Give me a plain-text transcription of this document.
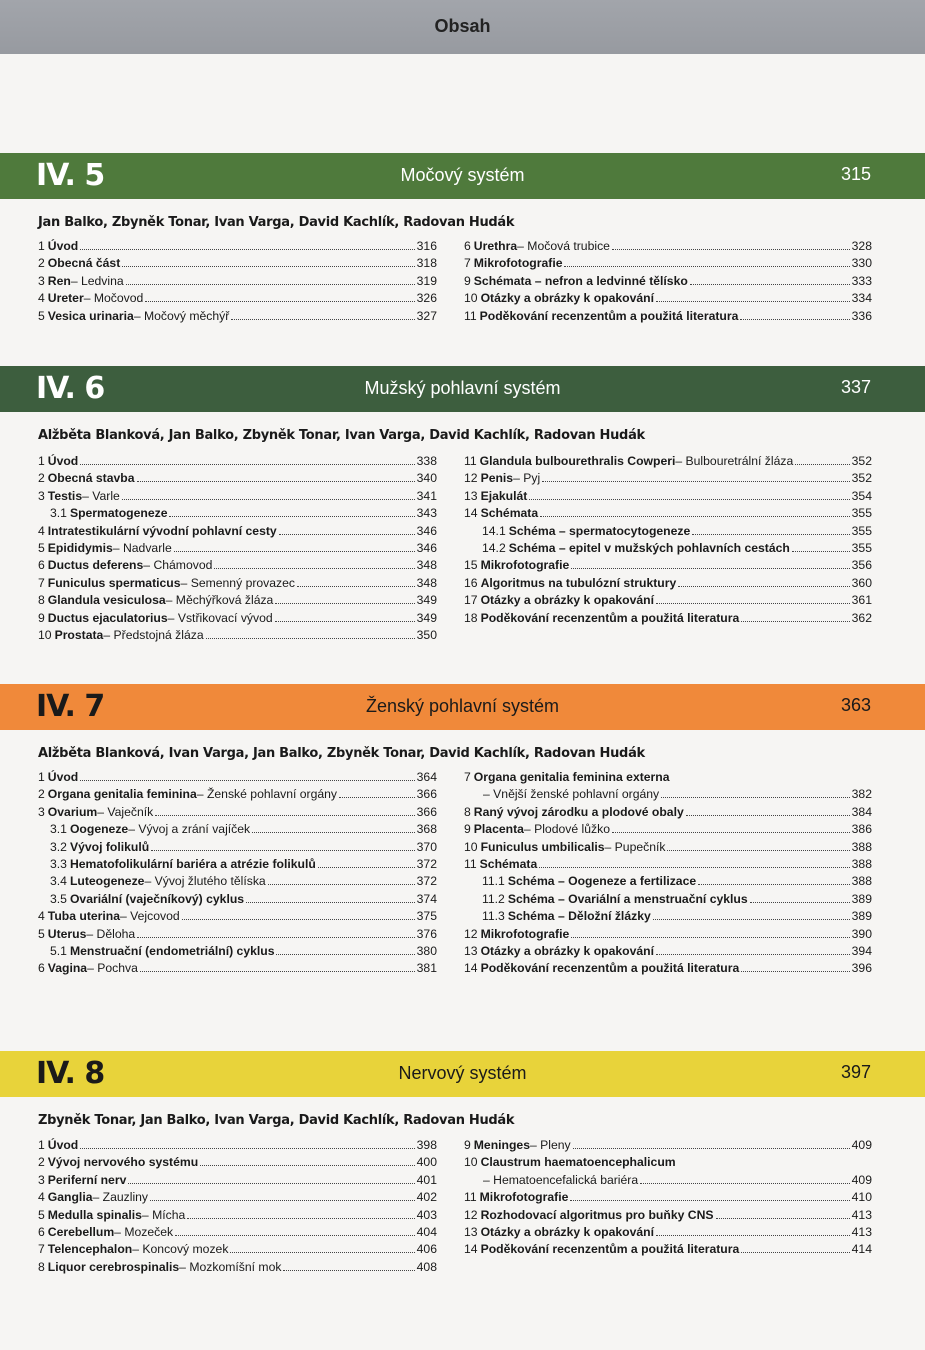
Obsah
IV. 5	Močový systém	315
Jan Balko, Zbyněk Tonar, Ivan Varga, David Kachlík, Radovan Hudák
1 Úvod	316
2 Obecná část	318
3 Ren – Ledvina	319
4 Ureter – Močovod	326
5 Vesica urinaria – Močový měchýř	327
6 Urethra – Močová trubice	328
7 Mikrofotografie	330
9 Schémata – nefron a ledvinné tělísko	333
10 Otázky a obrázky k opakování	334
11 Poděkování recenzentům a použitá literatura	336
IV. 6	Mužský pohlavní systém	337
Alžběta Blanková, Jan Balko, Zbyněk Tonar, Ivan Varga, David Kachlík, Radovan Hudák
1 Úvod	338
2 Obecná stavba	340
3 Testis – Varle	341
3.1 Spermatogeneze	343
4 Intratestikulární vývodní pohlavní cesty	346
5 Epididymis – Nadvarle	346
6 Ductus deferens – Chámovod	348
7 Funiculus spermaticus – Semenný provazec	348
8 Glandula vesiculosa – Měchýřková žláza	349
9 Ductus ejaculatorius – Vstřikovací vývod	349
10 Prostata – Předstojná žláza	350
11 Glandula bulbourethralis Cowperi – Bulbouretrální žláza	352
12 Penis – Pyj	352
13 Ejakulát	354
14 Schémata	355
14.1 Schéma – spermatocytogeneze	355
14.2 Schéma – epitel v mužských pohlavních cestách	355
15 Mikrofotografie	356
16 Algoritmus na tubulózní struktury	360
17 Otázky a obrázky k opakování	361
18 Poděkování recenzentům a použitá literatura	362
IV. 7	Ženský pohlavní systém	363
Alžběta Blanková, Ivan Varga, Jan Balko, Zbyněk Tonar, David Kachlík, Radovan Hudák
1 Úvod	364
2 Organa genitalia feminina – Ženské pohlavní orgány	366
3 Ovarium – Vaječník	366
3.1 Oogeneze – Vývoj a zrání vajíček	368
3.2 Vývoj folikulů	370
3.3 Hematofolikulární bariéra a atrézie folikulů	372
3.4 Luteogeneze – Vývoj žlutého tělíska	372
3.5 Ovariální (vaječníkový) cyklus	374
4 Tuba uterina – Vejcovod	375
5 Uterus – Děloha	376
5.1 Menstruační (endometriální) cyklus	380
6 Vagina – Pochva	381
7 Organa genitalia feminina externa
– Vnější ženské pohlavní orgány	382
8 Raný vývoj zárodku a plodové obaly	384
9 Placenta – Plodové lůžko	386
10 Funiculus umbilicalis – Pupečník	388
11 Schémata	388
11.1 Schéma – Oogeneze a fertilizace	388
11.2 Schéma – Ovariální a menstruační cyklus	389
11.3 Schéma – Děložní žlázky	389
12 Mikrofotografie	390
13 Otázky a obrázky k opakování	394
14 Poděkování recenzentům a použitá literatura	396
IV. 8	Nervový systém	397
Zbyněk Tonar, Jan Balko, Ivan Varga, David Kachlík, Radovan Hudák
1 Úvod	398
2 Vývoj nervového systému	400
3 Periferní nerv	401
4 Ganglia – Zauzliny	402
5 Medulla spinalis – Mícha	403
6 Cerebellum – Mozeček	404
7 Telencephalon – Koncový mozek	406
8 Liquor cerebrospinalis – Mozkomíšní mok	408
9 Meninges – Pleny	409
10 Claustrum haematoencephalicum
– Hematoencefalická bariéra	409
11 Mikrofotografie	410
12 Rozhodovací algoritmus pro buňky CNS	413
13 Otázky a obrázky k opakování	413
14 Poděkování recenzentům a použitá literatura	414
